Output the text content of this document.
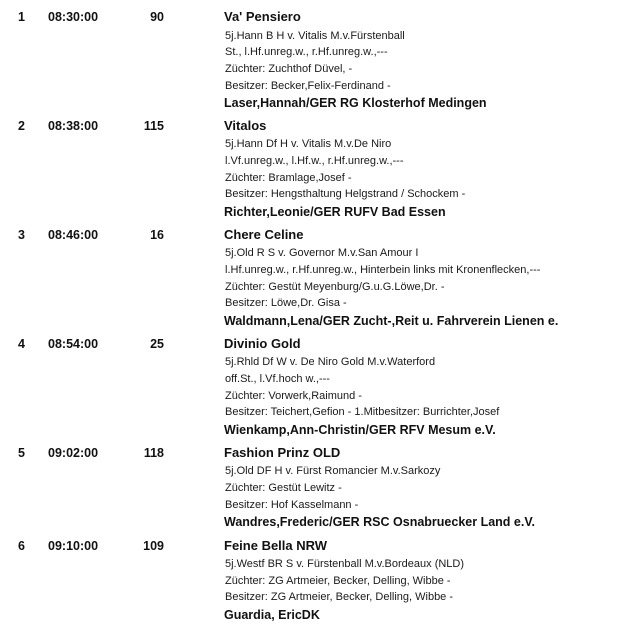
1 08:30:00	90	Va' Pensiero
5j.Hann B H v. Vitalis M.v.Fürstenball
St., l.Hf.unreg.w., r.Hf.unreg.w.,---
Züchter: Zuchthof Düvel, -
Besitzer: Becker,Felix-Ferdinand -
Laser,Hannah/GER RG Klosterhof Medingen
2 08:38:00	115	Vitalos
5j.Hann Df H v. Vitalis M.v.De Niro
l.Vf.unreg.w., l.Hf.w., r.Hf.unreg.w.,---
Züchter: Bramlage,Josef -
Besitzer: Hengsthaltung Helgstrand / Schockem -
Richter,Leonie/GER RUFV Bad Essen
3 08:46:00	16	Chere Celine
5j.Old R S v. Governor M.v.San Amour I
l.Hf.unreg.w., r.Hf.unreg.w., Hinterbein links mit Kronenflecken,---
Züchter: Gestüt Meyenburg/G.u.G.Löwe,Dr. -
Besitzer: Löwe,Dr. Gisa -
Waldmann,Lena/GER Zucht-,Reit u. Fahrverein Lienen e.
4 08:54:00	25	Divinio Gold
5j.Rhld Df W v. De Niro Gold M.v.Waterford
off.St., l.Vf.hoch w.,---
Züchter: Vorwerk,Raimund -
Besitzer: Teichert,Gefion - 1.Mitbesitzer: Burrichter,Josef
Wienkamp,Ann-Christin/GER RFV Mesum e.V.
5 09:02:00	118	Fashion Prinz OLD
5j.Old DF H v. Fürst Romancier M.v.Sarkozy
Züchter: Gestüt Lewitz -
Besitzer: Hof Kasselmann -
Wandres,Frederic/GER RSC Osnabruecker Land e.V.
6 09:10:00	109	Feine Bella NRW
5j.Westf BR S v. Fürstenball M.v.Bordeaux (NLD)
Züchter: ZG Artmeier, Becker, Delling, Wibbe -
Besitzer: ZG Artmeier, Becker, Delling, Wibbe -
Guardia, EricDK
